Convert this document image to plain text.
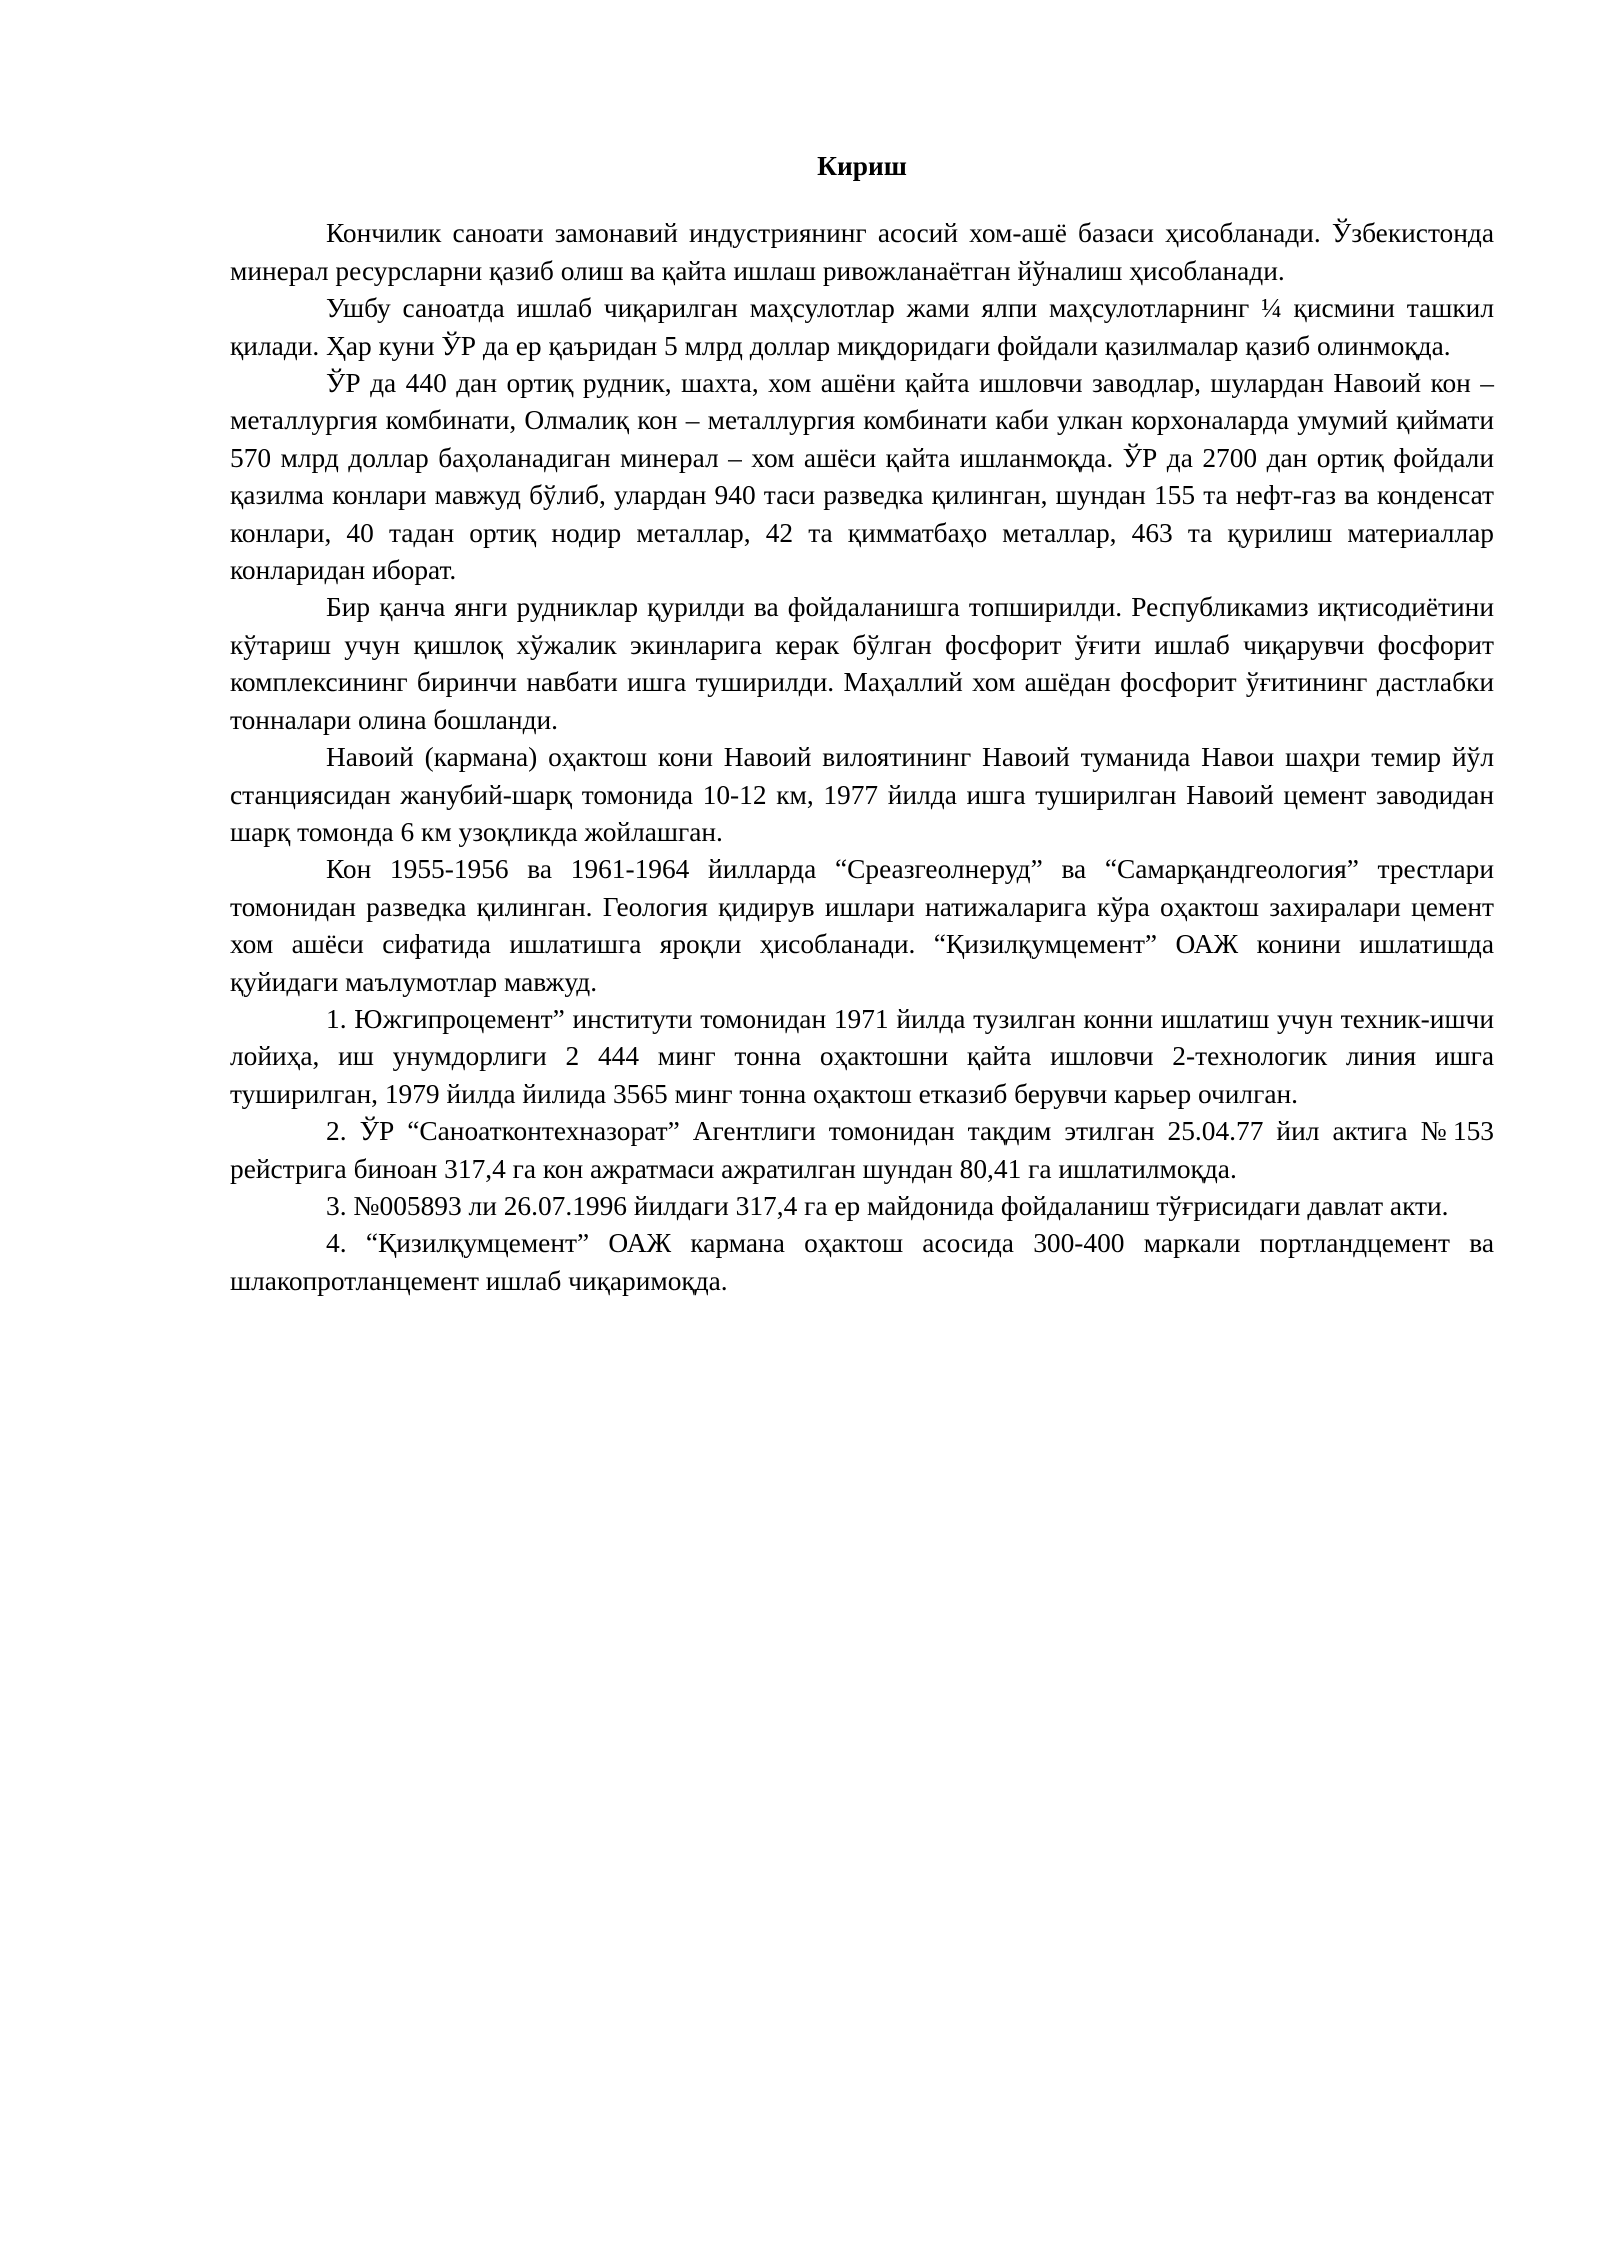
Кириш

Кончилик саноати замонавий индустриянинг асосий хом-ашё базаси ҳисобланади. Ўзбекистонда минерал ресурсларни қазиб олиш ва қайта ишлаш ривожланаётган йўналиш ҳисобланади.

Ушбу саноатда ишлаб чиқарилган маҳсулотлар жами ялпи маҳсулотларнинг ¼ қисмини ташкил қилади. Ҳар куни ЎР да ер қаъридан 5 млрд доллар миқдоридаги фойдали қазилмалар қазиб олинмоқда.

ЎР да 440 дан ортиқ рудник, шахта, хом ашёни қайта ишловчи заводлар, шулардан Навоий кон – металлургия комбинати, Олмалиқ кон – металлургия комбинати каби улкан корхоналарда умумий қиймати 570 млрд доллар баҳоланадиган минерал – хом ашёси қайта ишланмоқда. ЎР да 2700 дан ортиқ фойдали қазилма конлари мавжуд бўлиб, улардан 940 таси разведка қилинган, шундан 155 та нефт-газ ва конденсат конлари, 40 тадан ортиқ нодир металлар, 42 та қимматбаҳо металлар, 463 та қурилиш материаллар конларидан иборат.

Бир қанча янги рудниклар қурилди ва фойдаланишга топширилди. Республикамиз иқтисодиётини кўтариш учун қишлоқ хўжалик экинларига керак бўлган фосфорит ўғити ишлаб чиқарувчи фосфорит комплексининг биринчи навбати ишга туширилди. Маҳаллий хом ашёдан фосфорит ўғитининг дастлабки тонналари олина бошланди.

Навоий (кармана) оҳактош кони Навоий вилоятининг Навоий туманида Навои шаҳри темир йўл станциясидан жанубий-шарқ томонида 10-12 км, 1977 йилда ишга туширилган Навоий цемент заводидан шарқ томонда 6 км узоқликда жойлашган.

Кон 1955-1956 ва 1961-1964 йилларда “Среазгеолнеруд” ва “Самарқандгеология” трестлари томонидан разведка қилинган. Геология қидирув ишлари натижаларига кўра оҳактош захиралари цемент хом ашёси сифатида ишлатишга яроқли ҳисобланади. “Қизилқумцемент” ОАЖ конини ишлатишда қуйидаги маълумотлар мавжуд.

1. Южгипроцемент” институти томонидан 1971 йилда тузилган конни ишлатиш учун техник-ишчи лойиҳа, иш унумдорлиги 2 444 минг тонна оҳактошни қайта ишловчи 2-технологик линия ишга туширилган, 1979 йилда йилида 3565 минг тонна оҳактош етказиб берувчи карьер очилган.

2. ЎР “Саноатконтехназорат” Агентлиги томонидан тақдим этилган 25.04.77 йил актига №153 рейстрига биноан 317,4 га кон ажратмаси ажратилган шундан 80,41 га ишлатилмоқда.

3. №005893 ли 26.07.1996 йилдаги 317,4 га ер майдонида фойдаланиш тўғрисидаги давлат акти.

4. “Қизилқумцемент” ОАЖ кармана оҳактош асосида 300-400 маркали портландцемент ва шлакопротланцемент ишлаб чиқаримоқда.
